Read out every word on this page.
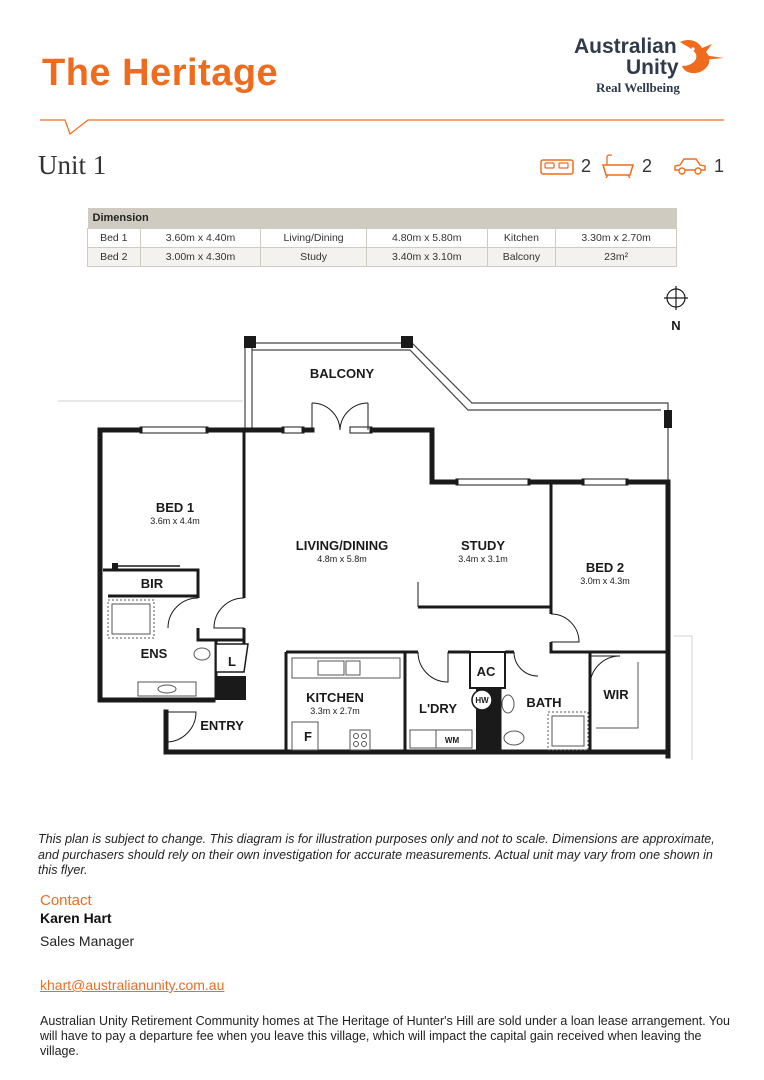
The Heritage
Australian
Unity
Real Wellbeing
Unit 1	2	2	1
Dimension					
Bed 1	3.60m x 4.40m	Living/Dining	4.80m x 5.80m	Kitchen	3.30m x 2.70m
Bed 2	3.00m x 4.30m	Study	3.40m x 3.10m	Balcony	23m²
N
BALCONY
BED 1
BIR
ENS
L
LIVING/DINING	STUDY
BED 2
KITCHEN
F
ENTRY
L'DRY
AC
BATH
WIR
HW
WM
3.6m x 4.4m
4.8m x 5.8m	3.4m x 3.1m
3.0m x 4.3m
3.3m x 2.7m
This plan is subject to change. This diagram is for illustration purposes only and not to scale. Dimensions are approximate, and purchasers should rely on their own investigation for accurate measurements. Actual unit may vary from one shown in this flyer.
Contact
Karen Hart
Sales Manager
khart@australianunity.com.au
Australian Unity Retirement Community homes at The Heritage of Hunter's Hill are sold under a loan lease arrangement. You will have to pay a departure fee when you leave this village, which will impact the capital gain received when leaving the village.
